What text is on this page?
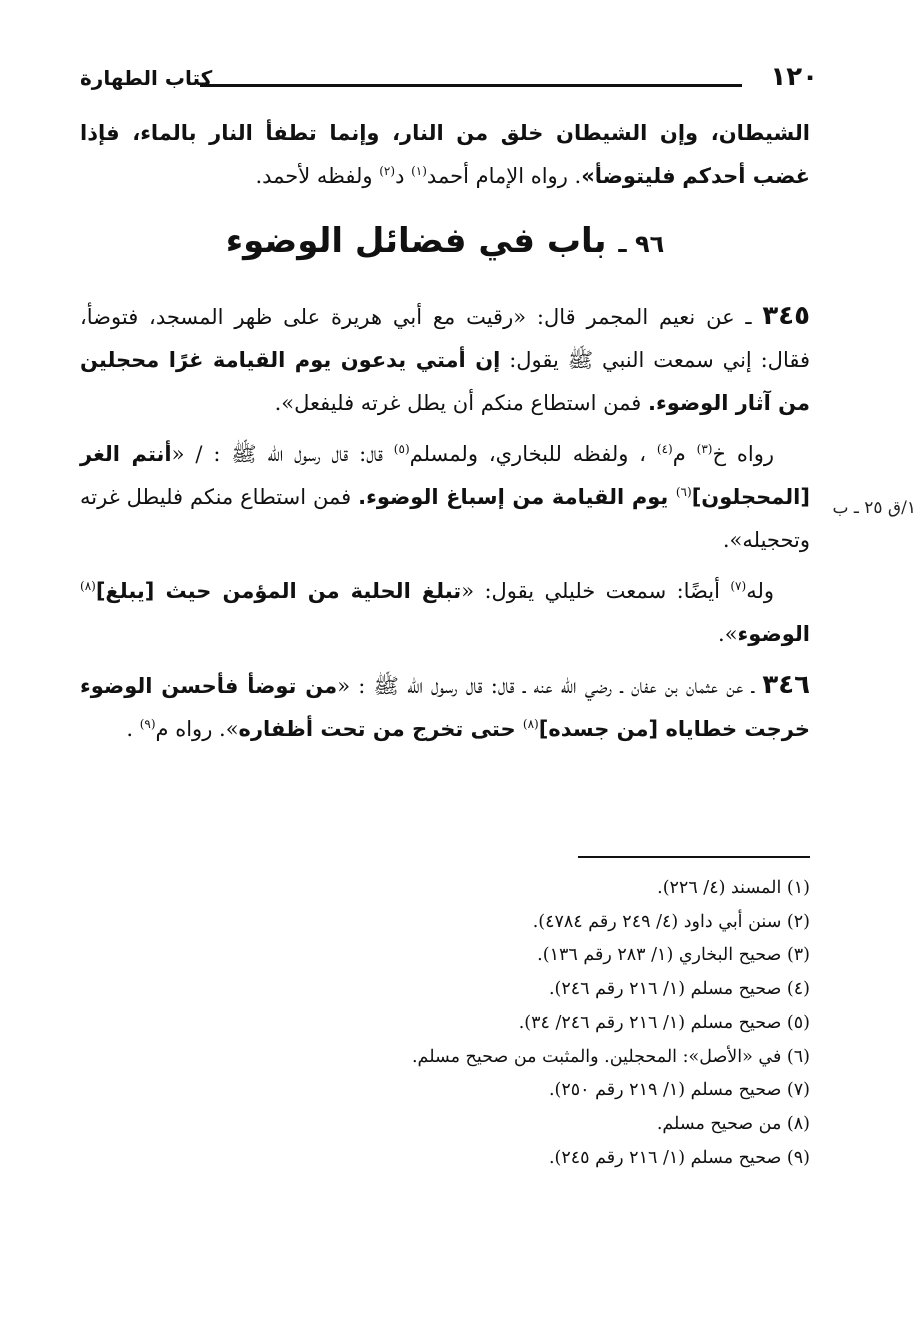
١٢٠
كتاب الطهارة

الشيطان، وإن الشيطان خلق من النار، وإنما تطفأ النار بالماء، فإذا غضب أحدكم فليتوضأ». رواه الإمام أحمد$^{(١)}$ د$^{(٢)}$ ولفظه لأحمد.

٩٦ ـ باب في فضائل الوضوء

٣٤٥ ـ عن نعيم المجمر قال: «رقيت مع أبي هريرة على ظهر المسجد، فتوضأ، فقال: إني سمعت النبي ﷺ يقول: إن أمتي يدعون يوم القيامة غرًا محجلين من آثار الوضوء. فمن استطاع منكم أن يطل غرته فليفعل».

رواه خ$^{(٣)}$ م$^{(٤)}$ ، ولفظه للبخاري، ولمسلم$^{(٥)}$ قال: قال رسول الله ﷺ : / «أنتم الغر [المحجلون]$^{(٦)}$ يوم القيامة من إسباغ الوضوء. فمن استطاع منكم فليطل غرته وتحجيله».

وله$^{(٧)}$ أيضًا: سمعت خليلي يقول: «تبلغ الحلية من المؤمن حيث [يبلغ]$^{(٨)}$ الوضوء».

٣٤٦ ـ عن عثمان بن عفان ـ رضي الله عنه ـ قال: قال رسول الله ﷺ : «من توضأ فأحسن الوضوء خرجت خطاياه [من جسده]$^{(٨)}$ حتى تخرج من تحت أظفاره». رواه م$^{(٩)}$ .

١/ق ٢٥ ـ ب
(١) المسند (٤/ ٢٢٦).
(٢) سنن أبي داود (٤/ ٢٤٩ رقم ٤٧٨٤).
(٣) صحيح البخاري (١/ ٢٨٣ رقم ١٣٦).
(٤) صحيح مسلم (١/ ٢١٦ رقم ٢٤٦).
(٥) صحيح مسلم (١/ ٢١٦ رقم ٢٤٦/ ٣٤).
(٦) في «الأصل»: المحجلين. والمثبت من صحيح مسلم.
(٧) صحيح مسلم (١/ ٢١٩ رقم ٢٥٠).
(٨) من صحيح مسلم.
(٩) صحيح مسلم (١/ ٢١٦ رقم ٢٤٥).
